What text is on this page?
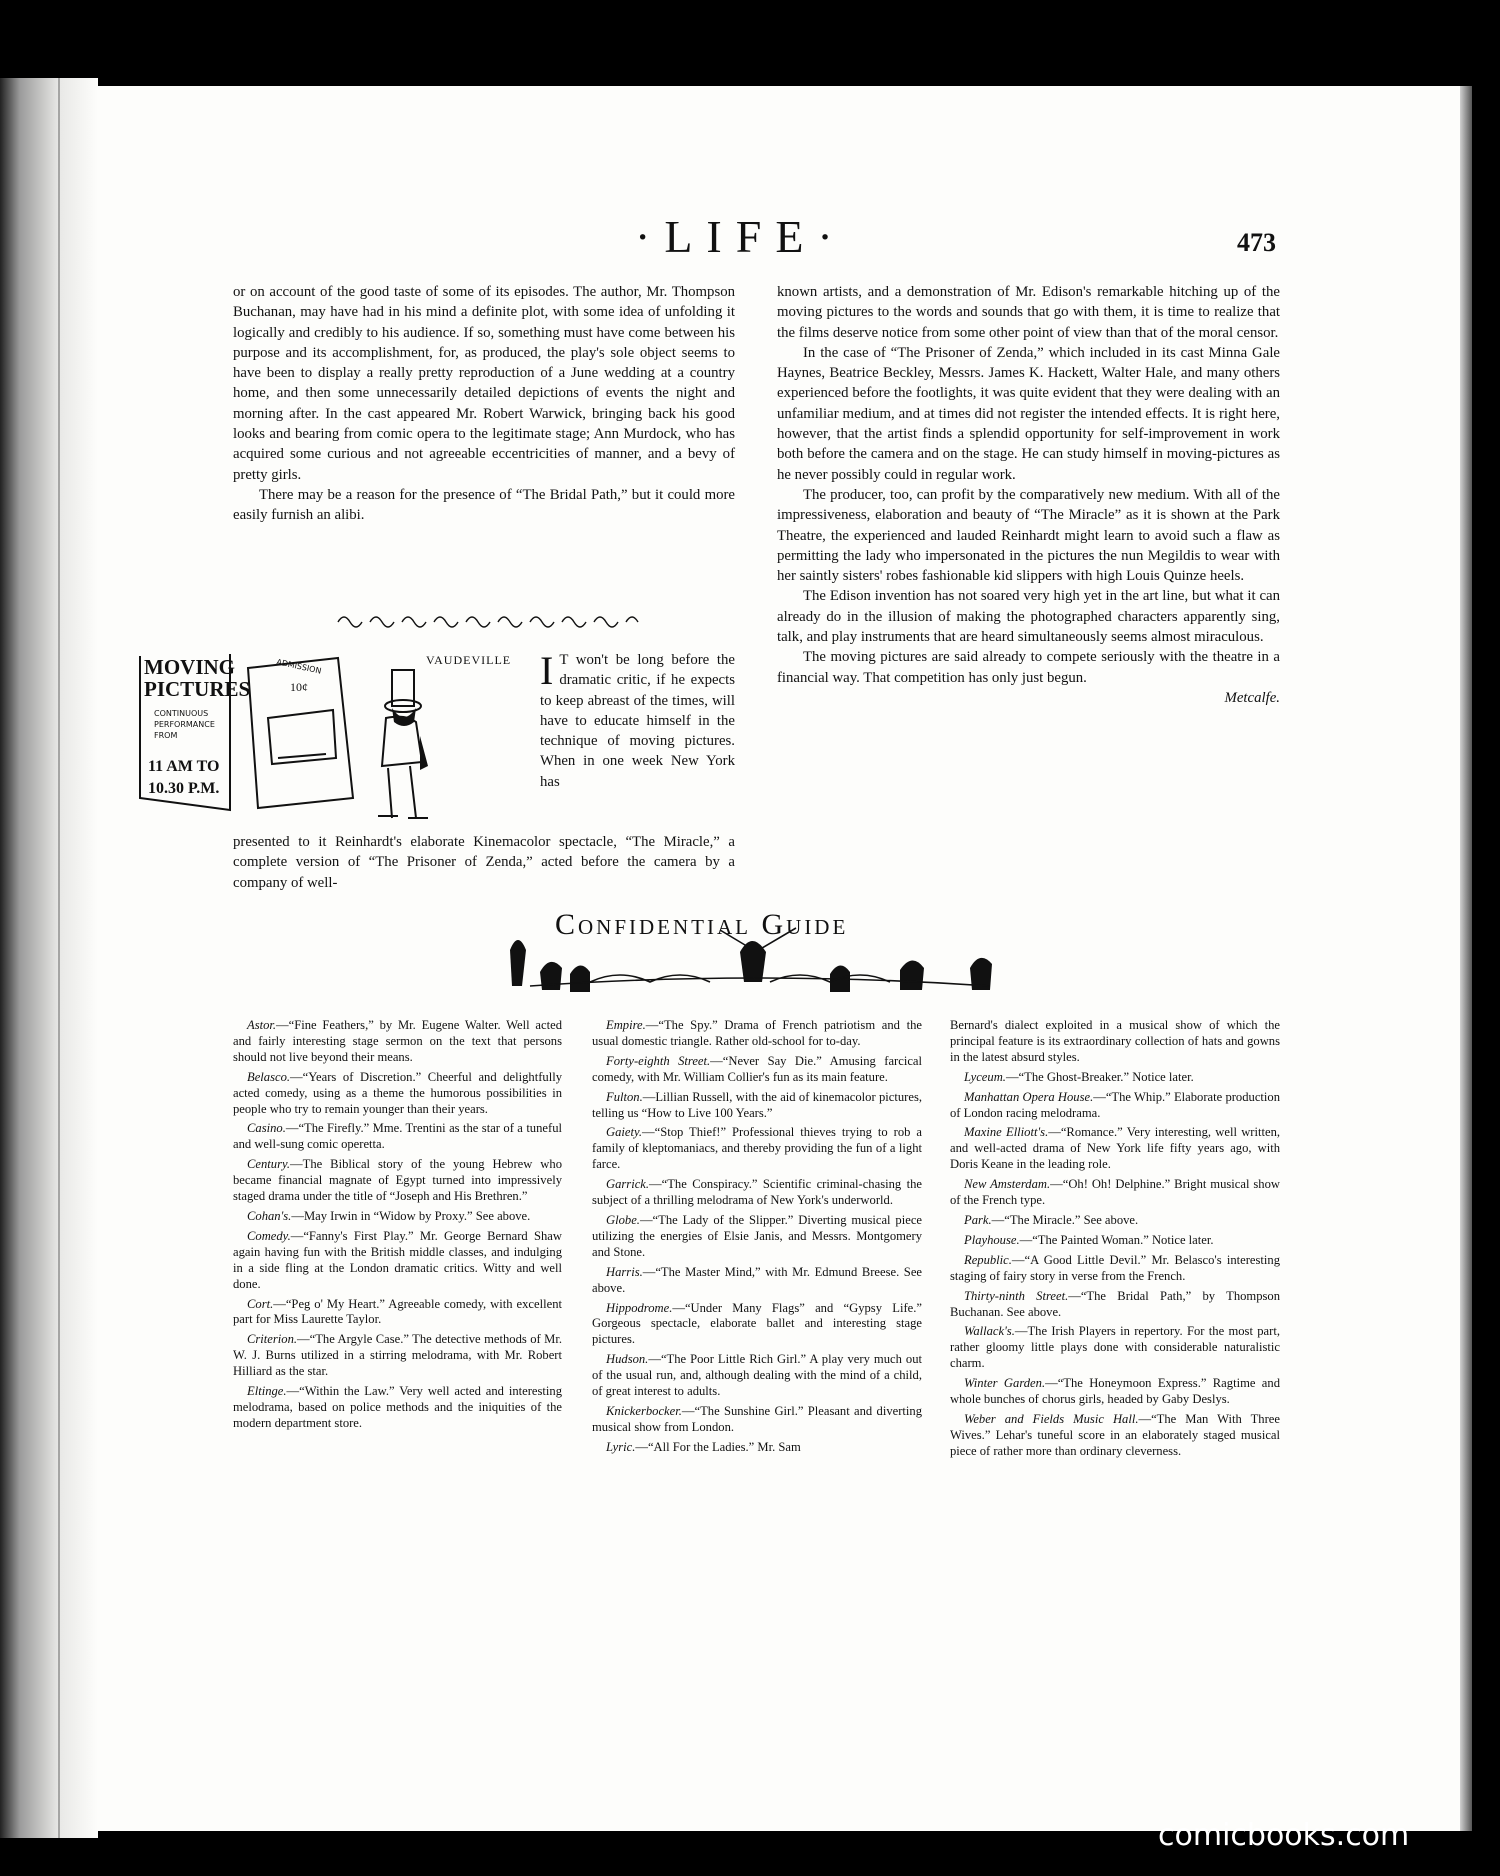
·LIFE·	473

or on account of the good taste of some of its episodes. The author, Mr. Thompson Buchanan, may have had in his mind a definite plot, with some idea of unfolding it logically and credibly to his audience. If so, something must have come between his purpose and its accomplishment, for, as produced, the play's sole object seems to have been to display a really pretty reproduction of a June wedding at a country home, and then some unnecessarily detailed depictions of events the night and morning after. In the cast appeared Mr. Robert Warwick, bringing back his good looks and bearing from comic opera to the legitimate stage; Ann Murdock, who has acquired some curious and not agreeable eccentricities of manner, and a bevy of pretty girls.

There may be a reason for the presence of “The Bridal Path,” but it could more easily furnish an alibi.

MOVING
PICTURES
CONTINUOUS
PERFORMANCE
FROM
11 AM TO
10.30 P.M.
ADMISSION
10¢
VAUDEVILLE I T won't be long before the dramatic critic, if he expects to keep abreast of the times, will have to educate himself in the technique of moving pictures. When in one week New York has

presented to it Reinhardt's elaborate Kinemacolor spectacle, “The Miracle,” a complete version of “The Prisoner of Zenda,” acted before the camera by a company of well-

known artists, and a demonstration of Mr. Edison's remarkable hitching up of the moving pictures to the words and sounds that go with them, it is time to realize that the films deserve notice from some other point of view than that of the moral censor.

In the case of “The Prisoner of Zenda,” which included in its cast Minna Gale Haynes, Beatrice Beckley, Messrs. James K. Hackett, Walter Hale, and many others experienced before the footlights, it was quite evident that they were dealing with an unfamiliar medium, and at times did not register the intended effects. It is right here, however, that the artist finds a splendid opportunity for self-improvement in work both before the camera and on the stage. He can study himself in moving-pictures as he never possibly could in regular work.

The producer, too, can profit by the comparatively new medium. With all of the impressiveness, elaboration and beauty of “The Miracle” as it is shown at the Park Theatre, the experienced and lauded Reinhardt might learn to avoid such a flaw as permitting the lady who impersonated in the pictures the nun Megildis to wear with her saintly sisters' robes fashionable kid slippers with high Louis Quinze heels.

The Edison invention has not soared very high yet in the art line, but what it can already do in the illusion of making the photographed characters apparently sing, talk, and play instruments that are heard simultaneously seems almost miraculous.

The moving pictures are said already to compete seriously with the theatre in a financial way. That competition has only just begun.

Metcalfe.

Confidential Guide

Astor.—“Fine Feathers,” by Mr. Eugene Walter. Well acted and fairly interesting stage sermon on the text that persons should not live beyond their means.

Belasco.—“Years of Discretion.” Cheerful and delightfully acted comedy, using as a theme the humorous possibilities in people who try to remain younger than their years.

Casino.—“The Firefly.” Mme. Trentini as the star of a tuneful and well-sung comic operetta.

Century.—The Biblical story of the young Hebrew who became financial magnate of Egypt turned into impressively staged drama under the title of “Joseph and His Brethren.”

Cohan's.—May Irwin in “Widow by Proxy.” See above.

Comedy.—“Fanny's First Play.” Mr. George Bernard Shaw again having fun with the British middle classes, and indulging in a side fling at the London dramatic critics. Witty and well done.

Cort.—“Peg o' My Heart.” Agreeable comedy, with excellent part for Miss Laurette Taylor.

Criterion.—“The Argyle Case.” The detective methods of Mr. W. J. Burns utilized in a stirring melodrama, with Mr. Robert Hilliard as the star.

Eltinge.—“Within the Law.” Very well acted and interesting melodrama, based on police methods and the iniquities of the modern department store.

Empire.—“The Spy.” Drama of French patriotism and the usual domestic triangle. Rather old-school for to-day.

Forty-eighth Street.—“Never Say Die.” Amusing farcical comedy, with Mr. William Collier's fun as its main feature.

Fulton.—Lillian Russell, with the aid of kinemacolor pictures, telling us “How to Live 100 Years.”

Gaiety.—“Stop Thief!” Professional thieves trying to rob a family of kleptomaniacs, and thereby providing the fun of a light farce.

Garrick.—“The Conspiracy.” Scientific criminal-chasing the subject of a thrilling melodrama of New York's underworld.

Globe.—“The Lady of the Slipper.” Diverting musical piece utilizing the energies of Elsie Janis, and Messrs. Montgomery and Stone.

Harris.—“The Master Mind,” with Mr. Edmund Breese. See above.

Hippodrome.—“Under Many Flags” and “Gypsy Life.” Gorgeous spectacle, elaborate ballet and interesting stage pictures.

Hudson.—“The Poor Little Rich Girl.” A play very much out of the usual run, and, although dealing with the mind of a child, of great interest to adults.

Knickerbocker.—“The Sunshine Girl.” Pleasant and diverting musical show from London.

Lyric.—“All For the Ladies.” Mr. Sam

Bernard's dialect exploited in a musical show of which the principal feature is its extraordinary collection of hats and gowns in the latest absurd styles.

Lyceum.—“The Ghost-Breaker.” Notice later.

Manhattan Opera House.—“The Whip.” Elaborate production of London racing melodrama.

Maxine Elliott's.—“Romance.” Very interesting, well written, and well-acted drama of New York life fifty years ago, with Doris Keane in the leading role.

New Amsterdam.—“Oh! Oh! Delphine.” Bright musical show of the French type.

Park.—“The Miracle.” See above.

Playhouse.—“The Painted Woman.” Notice later.

Republic.—“A Good Little Devil.” Mr. Belasco's interesting staging of fairy story in verse from the French.

Thirty-ninth Street.—“The Bridal Path,” by Thompson Buchanan. See above.

Wallack's.—The Irish Players in repertory. For the most part, rather gloomy little plays done with considerable naturalistic charm.

Winter Garden.—“The Honeymoon Express.” Ragtime and whole bunches of chorus girls, headed by Gaby Deslys.

Weber and Fields Music Hall.—“The Man With Three Wives.” Lehar's tuneful score in an elaborately staged musical piece of rather more than ordinary cleverness.

comicbooks.com
